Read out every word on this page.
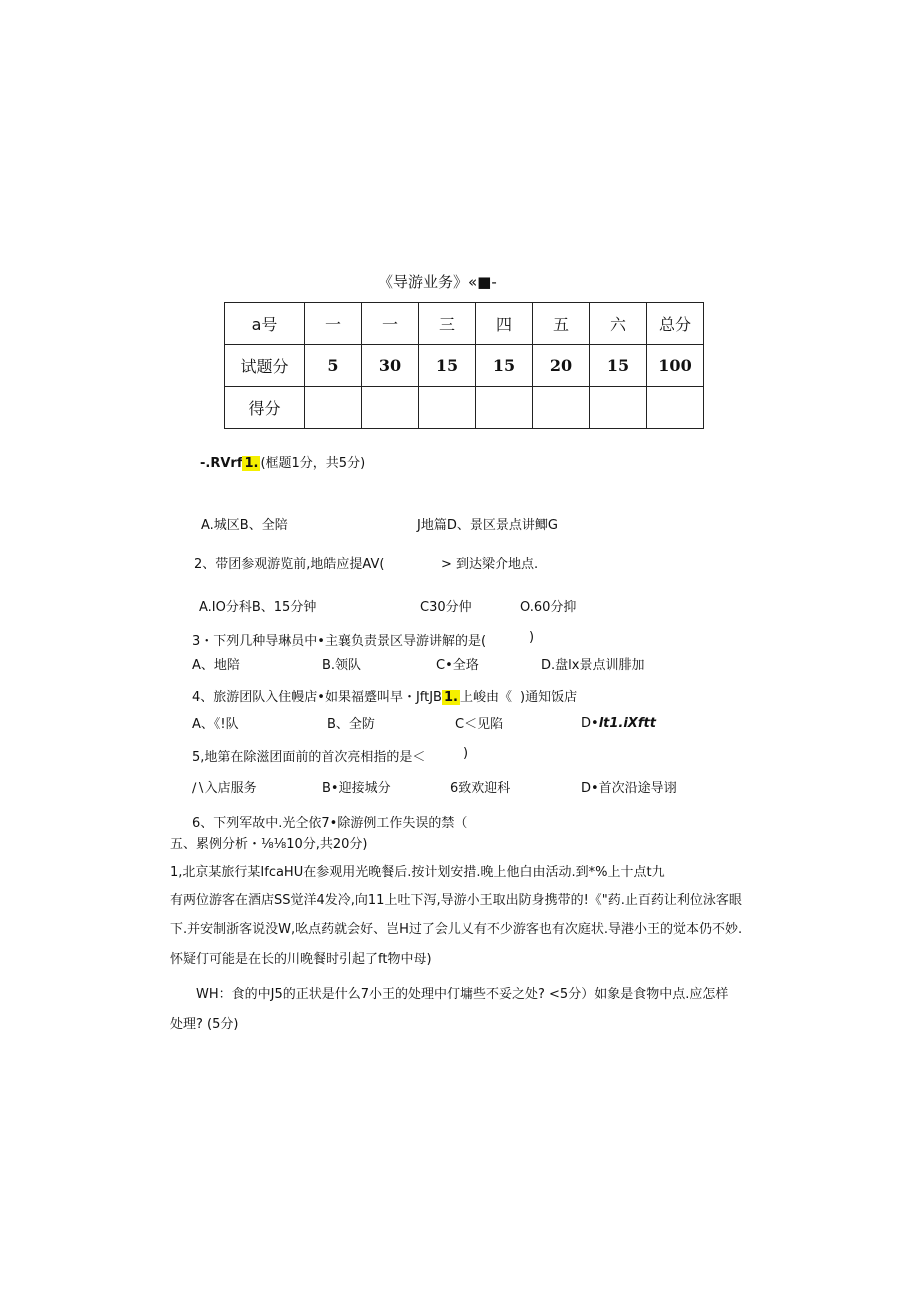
《导游业务》«■-
a号	一	一	三	四	五	六	总分
试题分	5	30	15	15	20	15	100
得分							
-.RVrf 1. (框题1分，共5分)
A.城区B、全陪	J地篇D、景区景点讲鲫G
2、带团参观游览前,地皓应提AV(	> 到达梁介地点.
A.IO分科B、15分钟	C30分仲	O.60分抑
3・下列几种导琳员中•主襄负责景区导游讲解的是(	)
A、地陪	B.领队	C•全珞	D.盘lx景点训腓加
4、旅游团队入住幔店•如果福蹙叫早・JftJB 1. 上峻由《 )通知饭店
A、《!队	B、全防	C＜见陷	D•lt1.iXftt
5,地第在除滋团面前的首次亮相指的是＜	)
∕∖入店服务	B•迎接城分	6致欢迎科	D•首次沿途导诩
6、下列军故中.光仝依7•除游例工作失误的禁（
五、累例分析・⅛⅛10分,共20分)
1,北京某旅行某IfcaHU在参观用光晚餐后.按计划安措.晚上他白由活动.到*%上十点t九
有两位游客在酒店SS觉洋4发冷,向11上吐下泻,导游小王取出防身携带的!《"药.止百药让利位泳客眼
下.并安制浙客说没W,吆点药就会好、岂H过了会儿乂有不少游客也有次庭状.导港小王的觉本仍不妙.
怀疑仃可能是在长的川晚餐时引起了ft物中母)
WH：食的中J5的正状是什么7小王的处理中仃墉些不妥之处? <5分）如象是食物中点.应怎样
处理? (5分)
